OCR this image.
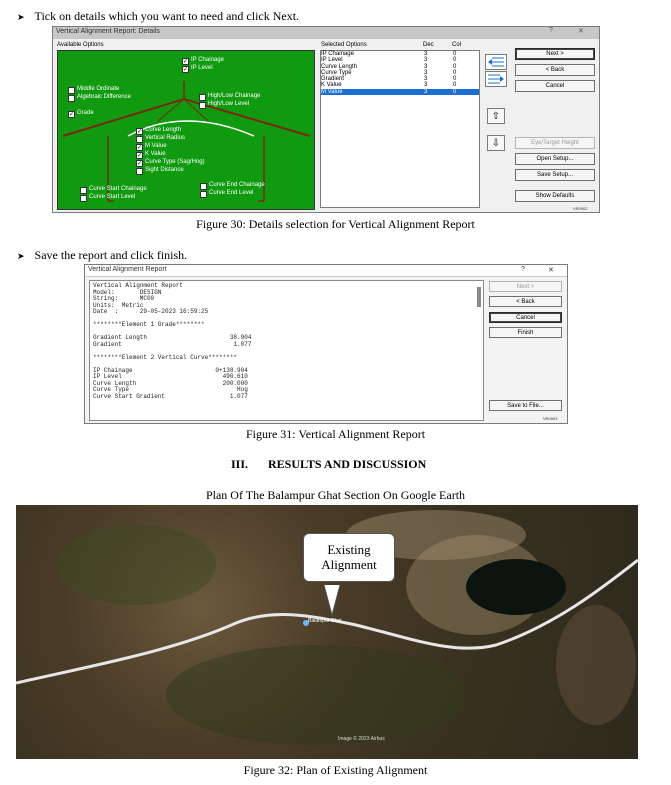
➤ Tick on details which you want to need and click Next.
Vertical Alignment Report: Details	?	✕
Available Options
✓ IP Chainage
✓ IP Level
Middle Ordinate
Algebraic Difference	High/Low Chainage
High/Low Level
✓ Grade
✓ Curve Length
Vertical Radius
✓ M Value
✓ K Value
✓ Curve Type (Sag/Hog)
Sight Distance
Curve End Chainage
Curve End Level
Curve Start Chainage
Curve Start Level
Selected Options	Dec	Col
IP Chainage	3	0
IP Level	3	0
Curve Length	3	0
Curve Type	3	0
Gradient	3	0
K Value	3	0
M Value	3	0
⇧
⇩
Next >
< Back
Cancel
Eye/Target Height
Open Setup...
Save Setup...
Show Defaults
VR0902
Figure 30: Details selection for Vertical Alignment Report
➤ Save the report and click finish.
Vertical Alignment Report	?	✕
Vertical Alignment Report
Model:       DESIGN
String:      MC00
Units:  Metric
Date  :      29-05-2023 16:59:25

********Element 1 Grade********

Gradient Length                       38.904
Gradient                               1.077

********Element 2 Vertical Curve********

IP Chainage                       0+138.904
IP Level                            490.610
Curve Length                        200.000
Curve Type                              Hog
Curve Start Gradient                  1.077
Next >
< Back
Cancel
Finish
Save to File...
VR0903
Figure 31: Vertical Alignment Report
III. RESULTS AND DISCUSSION
Plan Of The Balampur Ghat Section On Google Earth
Existing Alignment
Balampur Ghat
Image © 2023 Airbus
Figure 32: Plan of Existing Alignment
